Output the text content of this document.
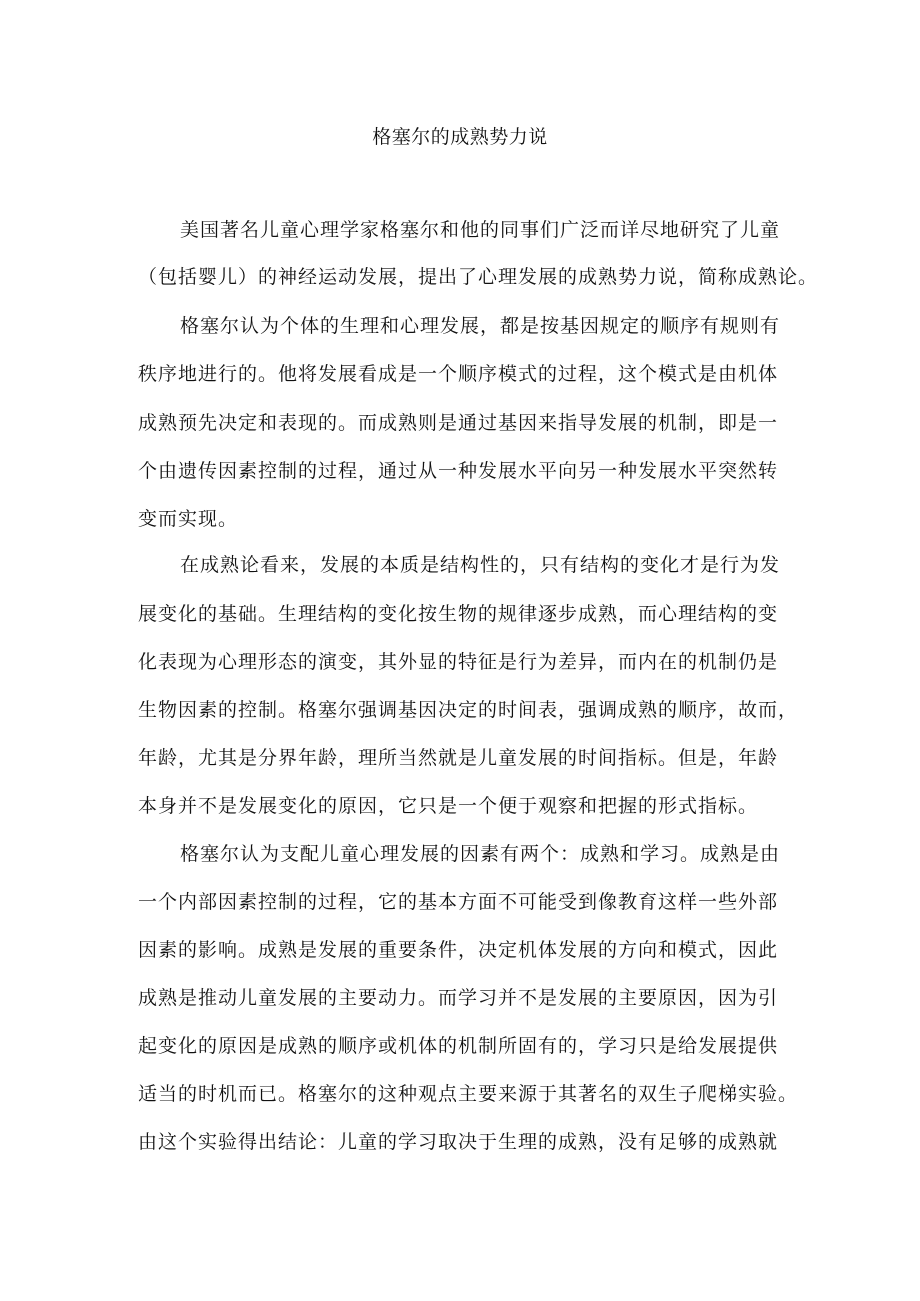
格塞尔的成熟势力说
美国著名儿童心理学家格塞尔和他的同事们广泛而详尽地研究了儿童
（包括婴儿）的神经运动发展，提出了心理发展的成熟势力说，简称成熟论。
格塞尔认为个体的生理和心理发展，都是按基因规定的顺序有规则有
秩序地进行的。他将发展看成是一个顺序模式的过程，这个模式是由机体
成熟预先决定和表现的。而成熟则是通过基因来指导发展的机制，即是一
个由遗传因素控制的过程，通过从一种发展水平向另一种发展水平突然转
变而实现。
在成熟论看来，发展的本质是结构性的，只有结构的变化才是行为发
展变化的基础。生理结构的变化按生物的规律逐步成熟，而心理结构的变
化表现为心理形态的演变，其外显的特征是行为差异，而内在的机制仍是
生物因素的控制。格塞尔强调基因决定的时间表，强调成熟的顺序，故而，
年龄，尤其是分界年龄，理所当然就是儿童发展的时间指标。但是，年龄
本身并不是发展变化的原因，它只是一个便于观察和把握的形式指标。
格塞尔认为支配儿童心理发展的因素有两个：成熟和学习。成熟是由
一个内部因素控制的过程，它的基本方面不可能受到像教育这样一些外部
因素的影响。成熟是发展的重要条件，决定机体发展的方向和模式，因此
成熟是推动儿童发展的主要动力。而学习并不是发展的主要原因，因为引
起变化的原因是成熟的顺序或机体的机制所固有的，学习只是给发展提供
适当的时机而已。格塞尔的这种观点主要来源于其著名的双生子爬梯实验。
由这个实验得出结论：儿童的学习取决于生理的成熟，没有足够的成熟就
